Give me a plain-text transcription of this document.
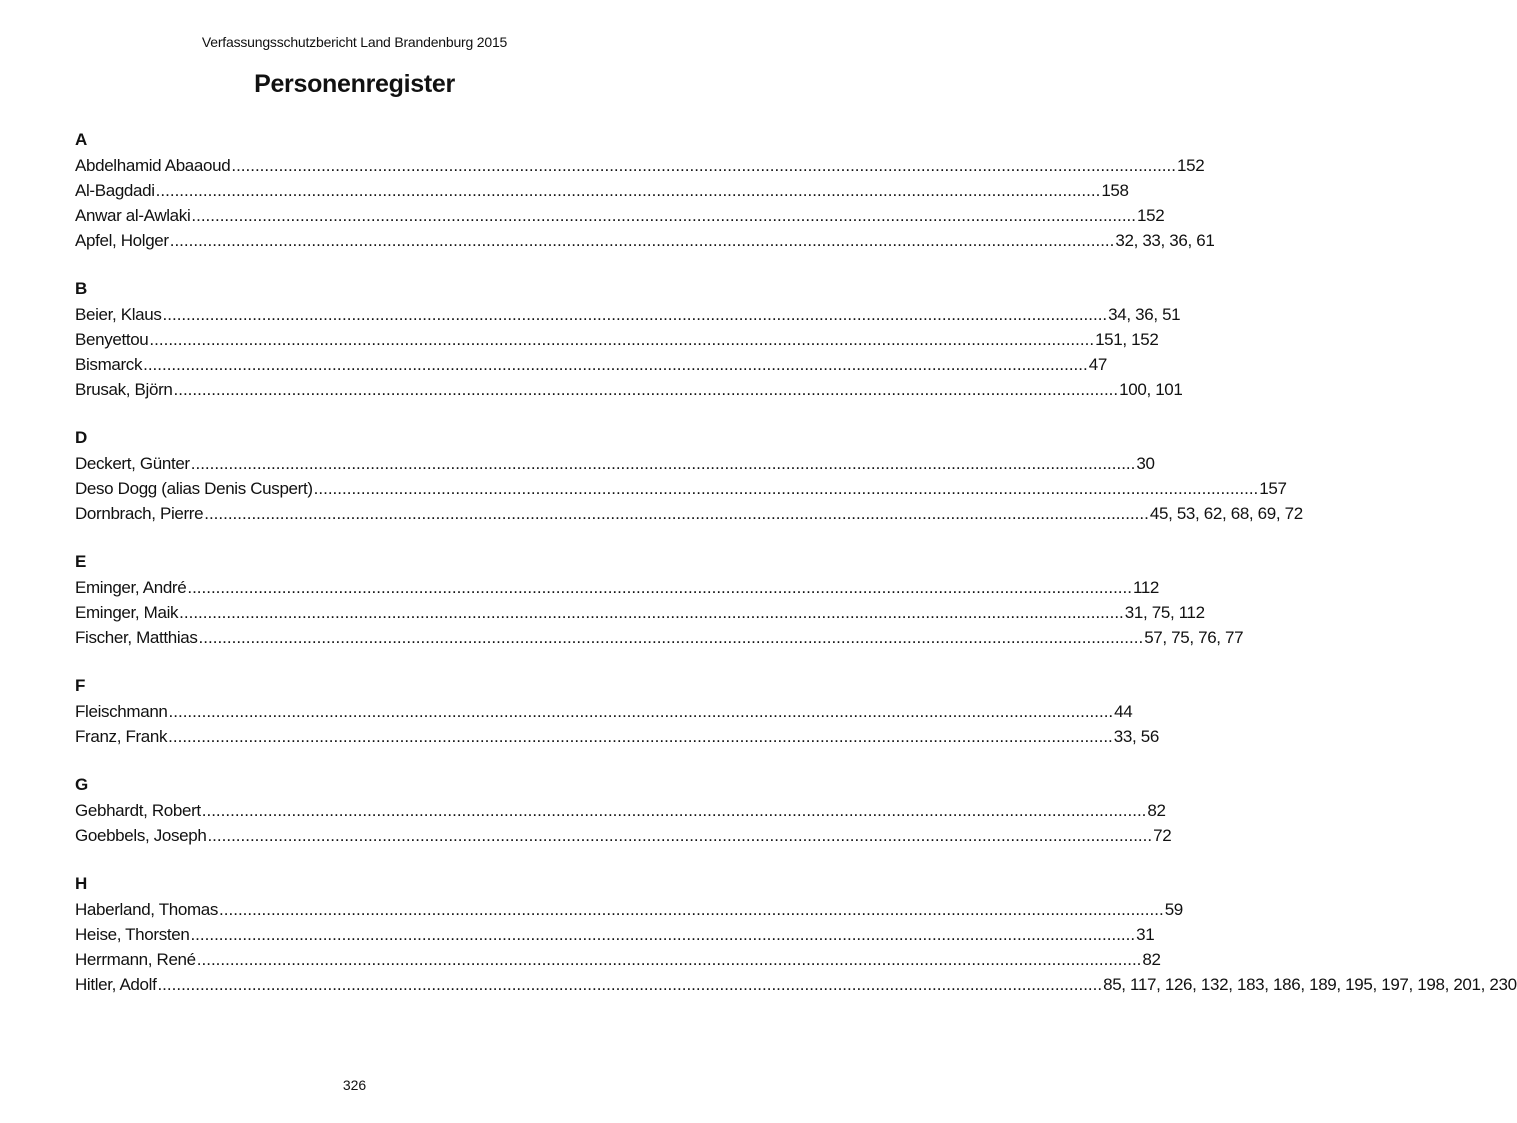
Verfassungsschutzbericht Land Brandenburg 2015
Personenregister
A
Abdelhamid Abaaoud ........................................................................................................................................................................................................ 152
Al-Bagdadi ........................................................................................................................................................................................................ 158
Anwar al-Awlaki ........................................................................................................................................................................................................ 152
Apfel, Holger ........................................................................................................................................................................................................ 32, 33, 36, 61
B
Beier, Klaus ........................................................................................................................................................................................................ 34, 36, 51
Benyettou ........................................................................................................................................................................................................ 151, 152
Bismarck ........................................................................................................................................................................................................ 47
Brusak, Björn ........................................................................................................................................................................................................ 100, 101
D
Deckert, Günter ........................................................................................................................................................................................................ 30
Deso Dogg (alias Denis Cuspert) ........................................................................................................................................................................................................ 157
Dornbrach, Pierre ........................................................................................................................................................................................................ 45, 53, 62, 68, 69, 72
E
Eminger, André ........................................................................................................................................................................................................ 112
Eminger, Maik ........................................................................................................................................................................................................ 31, 75, 112
Fischer, Matthias ........................................................................................................................................................................................................ 57, 75, 76, 77
F
Fleischmann ........................................................................................................................................................................................................ 44
Franz, Frank ........................................................................................................................................................................................................ 33, 56
G
Gebhardt, Robert ........................................................................................................................................................................................................ 82
Goebbels, Joseph ........................................................................................................................................................................................................ 72
H
Haberland, Thomas ........................................................................................................................................................................................................ 59
Heise, Thorsten ........................................................................................................................................................................................................ 31
Herrmann, René ........................................................................................................................................................................................................ 82
Hitler, Adolf ........................................................................................................................................................................................................ 85, 117, 126, 132, 183, 186, 189, 195, 197, 198, 201, 230
326
